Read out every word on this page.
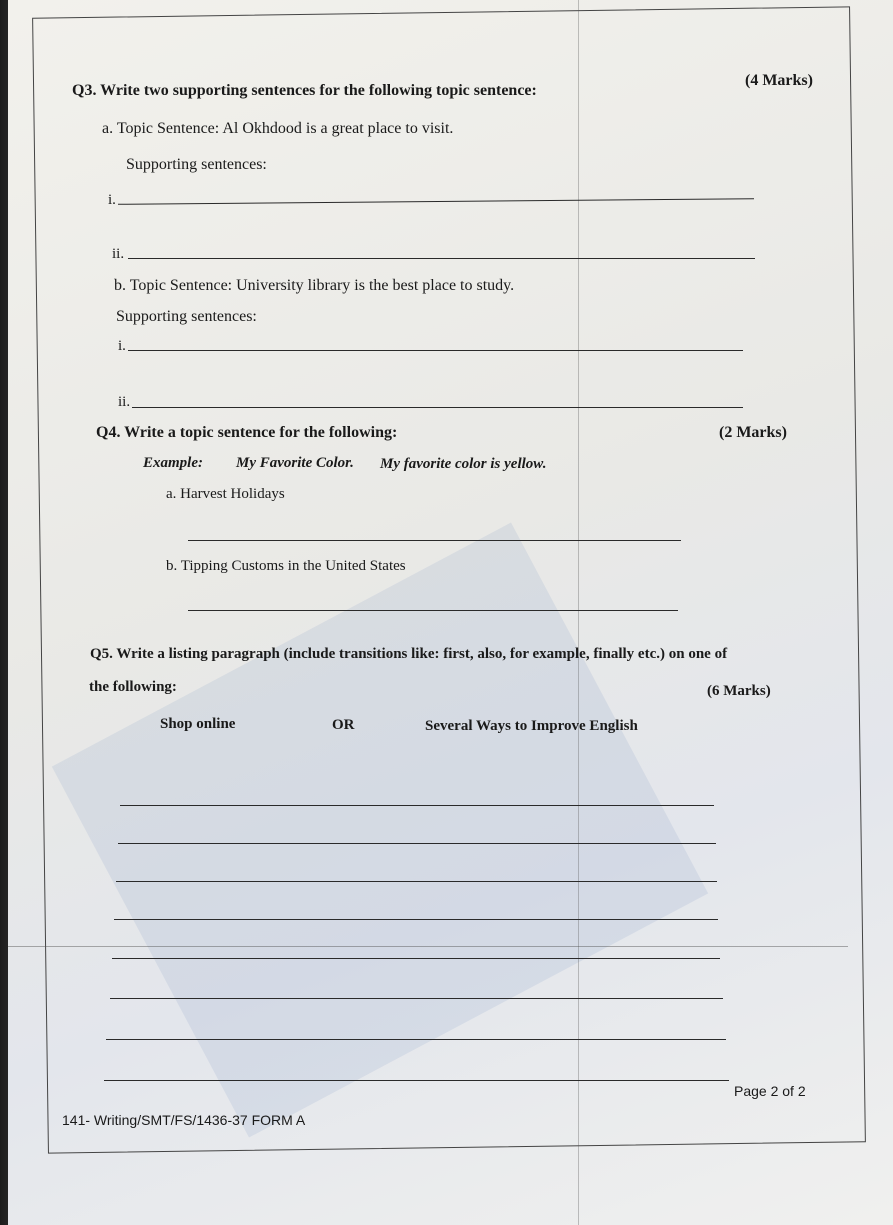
Q3. Write two supporting sentences for the following topic sentence:
(4 Marks)
a. Topic Sentence: Al Okhdood is a great place to visit.
Supporting sentences:
i.
ii.
b. Topic Sentence: University library is the best place to study.
Supporting sentences:
i.
ii.
Q4. Write a topic sentence for the following:	(2 Marks)
Example: My Favorite Color. My favorite color is yellow.
a. Harvest Holidays
b. Tipping Customs in the United States
Q5. Write a listing paragraph (include transitions like: first, also, for example, finally etc.) on one of
the following:	(6 Marks)
Shop online	OR	Several Ways to Improve English
Page 2 of 2
141- Writing/SMT/FS/1436-37 FORM A
